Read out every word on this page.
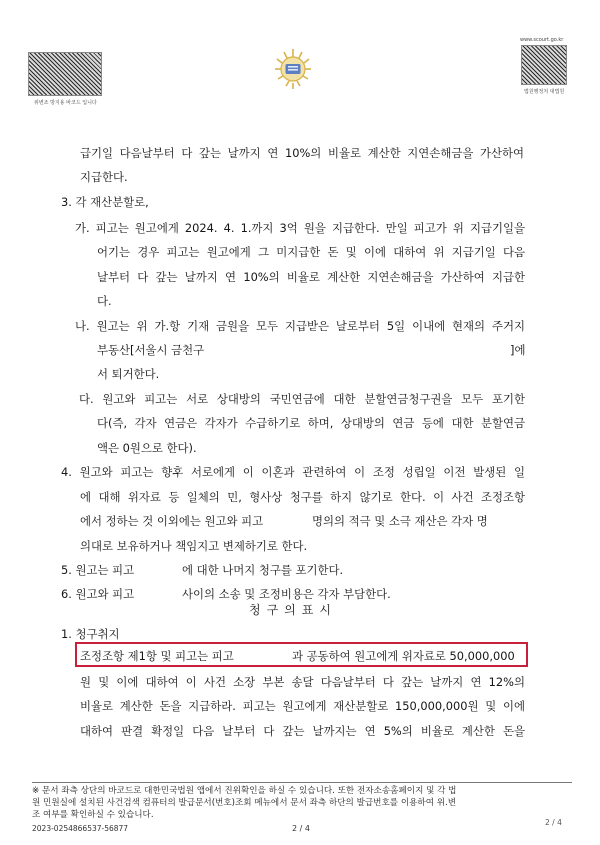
위변조 방지용 바코드 입니다
www.scourt.go.kr
법원행정처 대법원
급기일 다음날부터 다 갚는 날까지 연 10%의 비율로 계산한 지연손해금을 가산하여
지급한다.
3. 각 재산분할로,
가. 피고는 원고에게 2024. 4. 1.까지 3억 원을 지급한다. 만일 피고가 위 지급기일을
어기는 경우 피고는 원고에게 그 미지급한 돈 및 이에 대하여 위 지급기일 다음
날부터 다 갚는 날까지 연 10%의 비율로 계산한 지연손해금을 가산하여 지급한
다.
나. 원고는 위 가.항 기재 금원을 모두 지급받은 날로부터 5일 이내에 현재의 주거지
부동산[서울시 금천구	]에
서 퇴거한다.
다. 원고와 피고는 서로 상대방의 국민연금에 대한 분할연금청구권을 모두 포기한
다(즉, 각자 연금은 각자가 수급하기로 하며, 상대방의 연금 등에 대한 분할연금
액은 0원으로 한다).
4. 원고와 피고는 향후 서로에게 이 이혼과 관련하여 이 조정 성립일 이전 발생된 일
에 대해 위자료 등 일체의 민, 형사상 청구를 하지 않기로 한다. 이 사건 조정조항
에서 정하는 것 이외에는 원고와 피고	명의의 적극 및 소극 재산은 각자 명
의대로 보유하거나 책임지고 변제하기로 한다.
5. 원고는 피고	에 대한 나머지 청구를 포기한다.
6. 원고와 피고	사이의 소송 및 조정비용은 각자 부담한다.
청구의표시
1. 청구취지
조정조항 제1항 및 피고는 피고	과 공동하여 원고에게 위자료로 50,000,000
원 및 이에 대하여 이 사건 소장 부본 송달 다음날부터 다 갚는 날까지 연 12%의
비율로 계산한 돈을 지급하라. 피고는 원고에게 재산분할로 150,000,000원 및 이에
대하여 판결 확정일 다음 날부터 다 갚는 날까지는 연 5%의 비율로 계산한 돈을
※ 문서 좌측 상단의 바코드로 대한민국법원 앱에서 진위확인을 하실 수 있습니다. 또한 전자소송홈페이지 및 각 법
원 민원실에 설치된 사건검색 컴퓨터의 발급문서(번호)조회 메뉴에서 문서 좌측 하단의 발급번호를 이용하여 위.변
조 여부를 확인하실 수 있습니다.
2023-0254866537-56877	2 / 4
2 / 4
